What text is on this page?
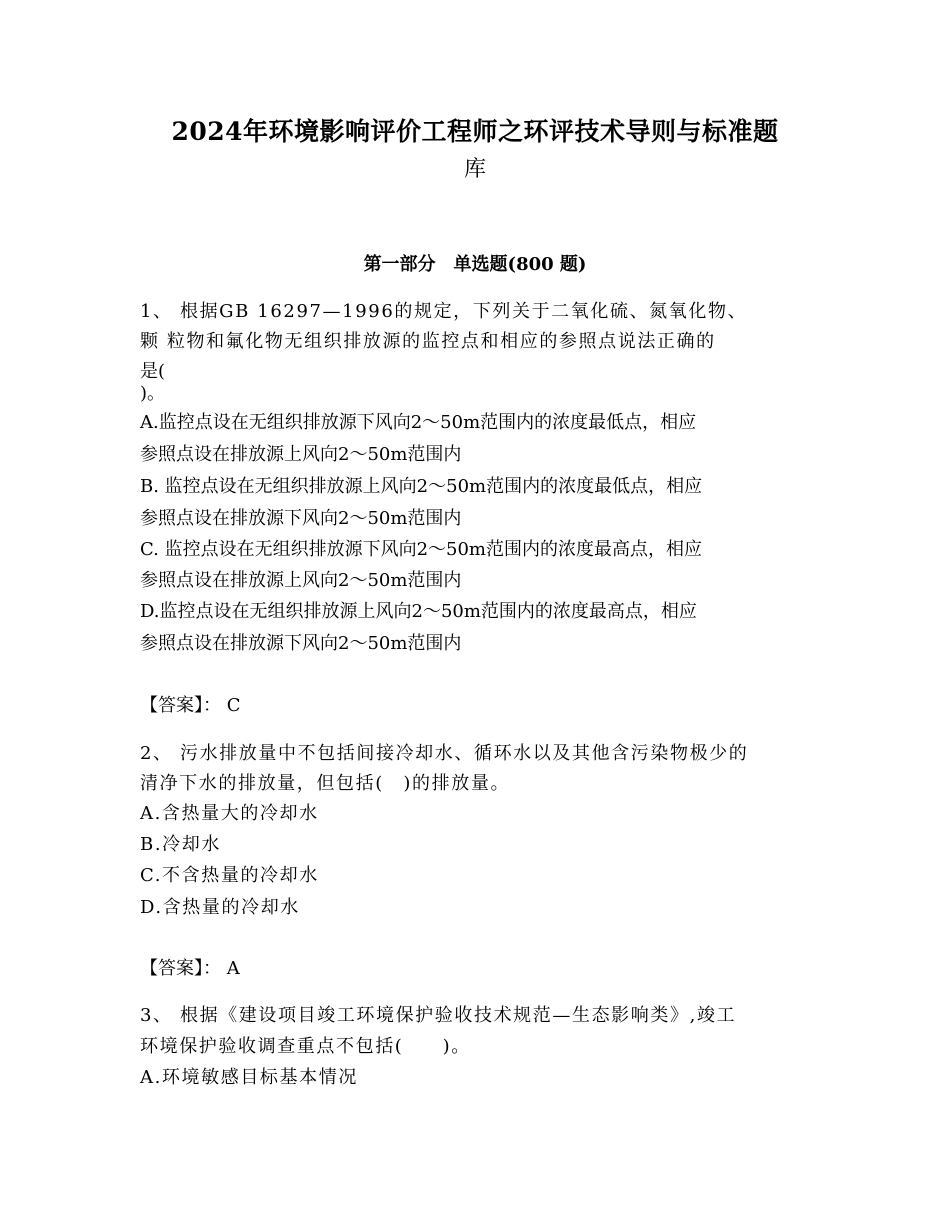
2024年环境影响评价工程师之环评技术导则与标准题
库
第一部分　单选题(800 题)
1、 根据GB 16297—1996的规定，下列关于二氧化硫、氮氧化物、
颗 粒物和氟化物无组织排放源的监控点和相应的参照点说法正确的
是(
)。
A.监控点设在无组织排放源下风向2～50m范围内的浓度最低点，相应
参照点设在排放源上风向2～50m范围内
B. 监控点设在无组织排放源上风向2～50m范围内的浓度最低点，相应
参照点设在排放源下风向2～50m范围内
C. 监控点设在无组织排放源下风向2～50m范围内的浓度最高点，相应
参照点设在排放源上风向2～50m范围内
D.监控点设在无组织排放源上风向2～50m范围内的浓度最高点，相应
参照点设在排放源下风向2～50m范围内
【答案】： C
2、 污水排放量中不包括间接冷却水、循环水以及其他含污染物极少的
清净下水的排放量，但包括(　)的排放量。
A.含热量大的冷却水
B.冷却水
C.不含热量的冷却水
D.含热量的冷却水
【答案】： A
3、 根据《建设项目竣工环境保护验收技术规范—生态影响类》,竣工
环境保护验收调查重点不包括(　　)。
A.环境敏感目标基本情况
